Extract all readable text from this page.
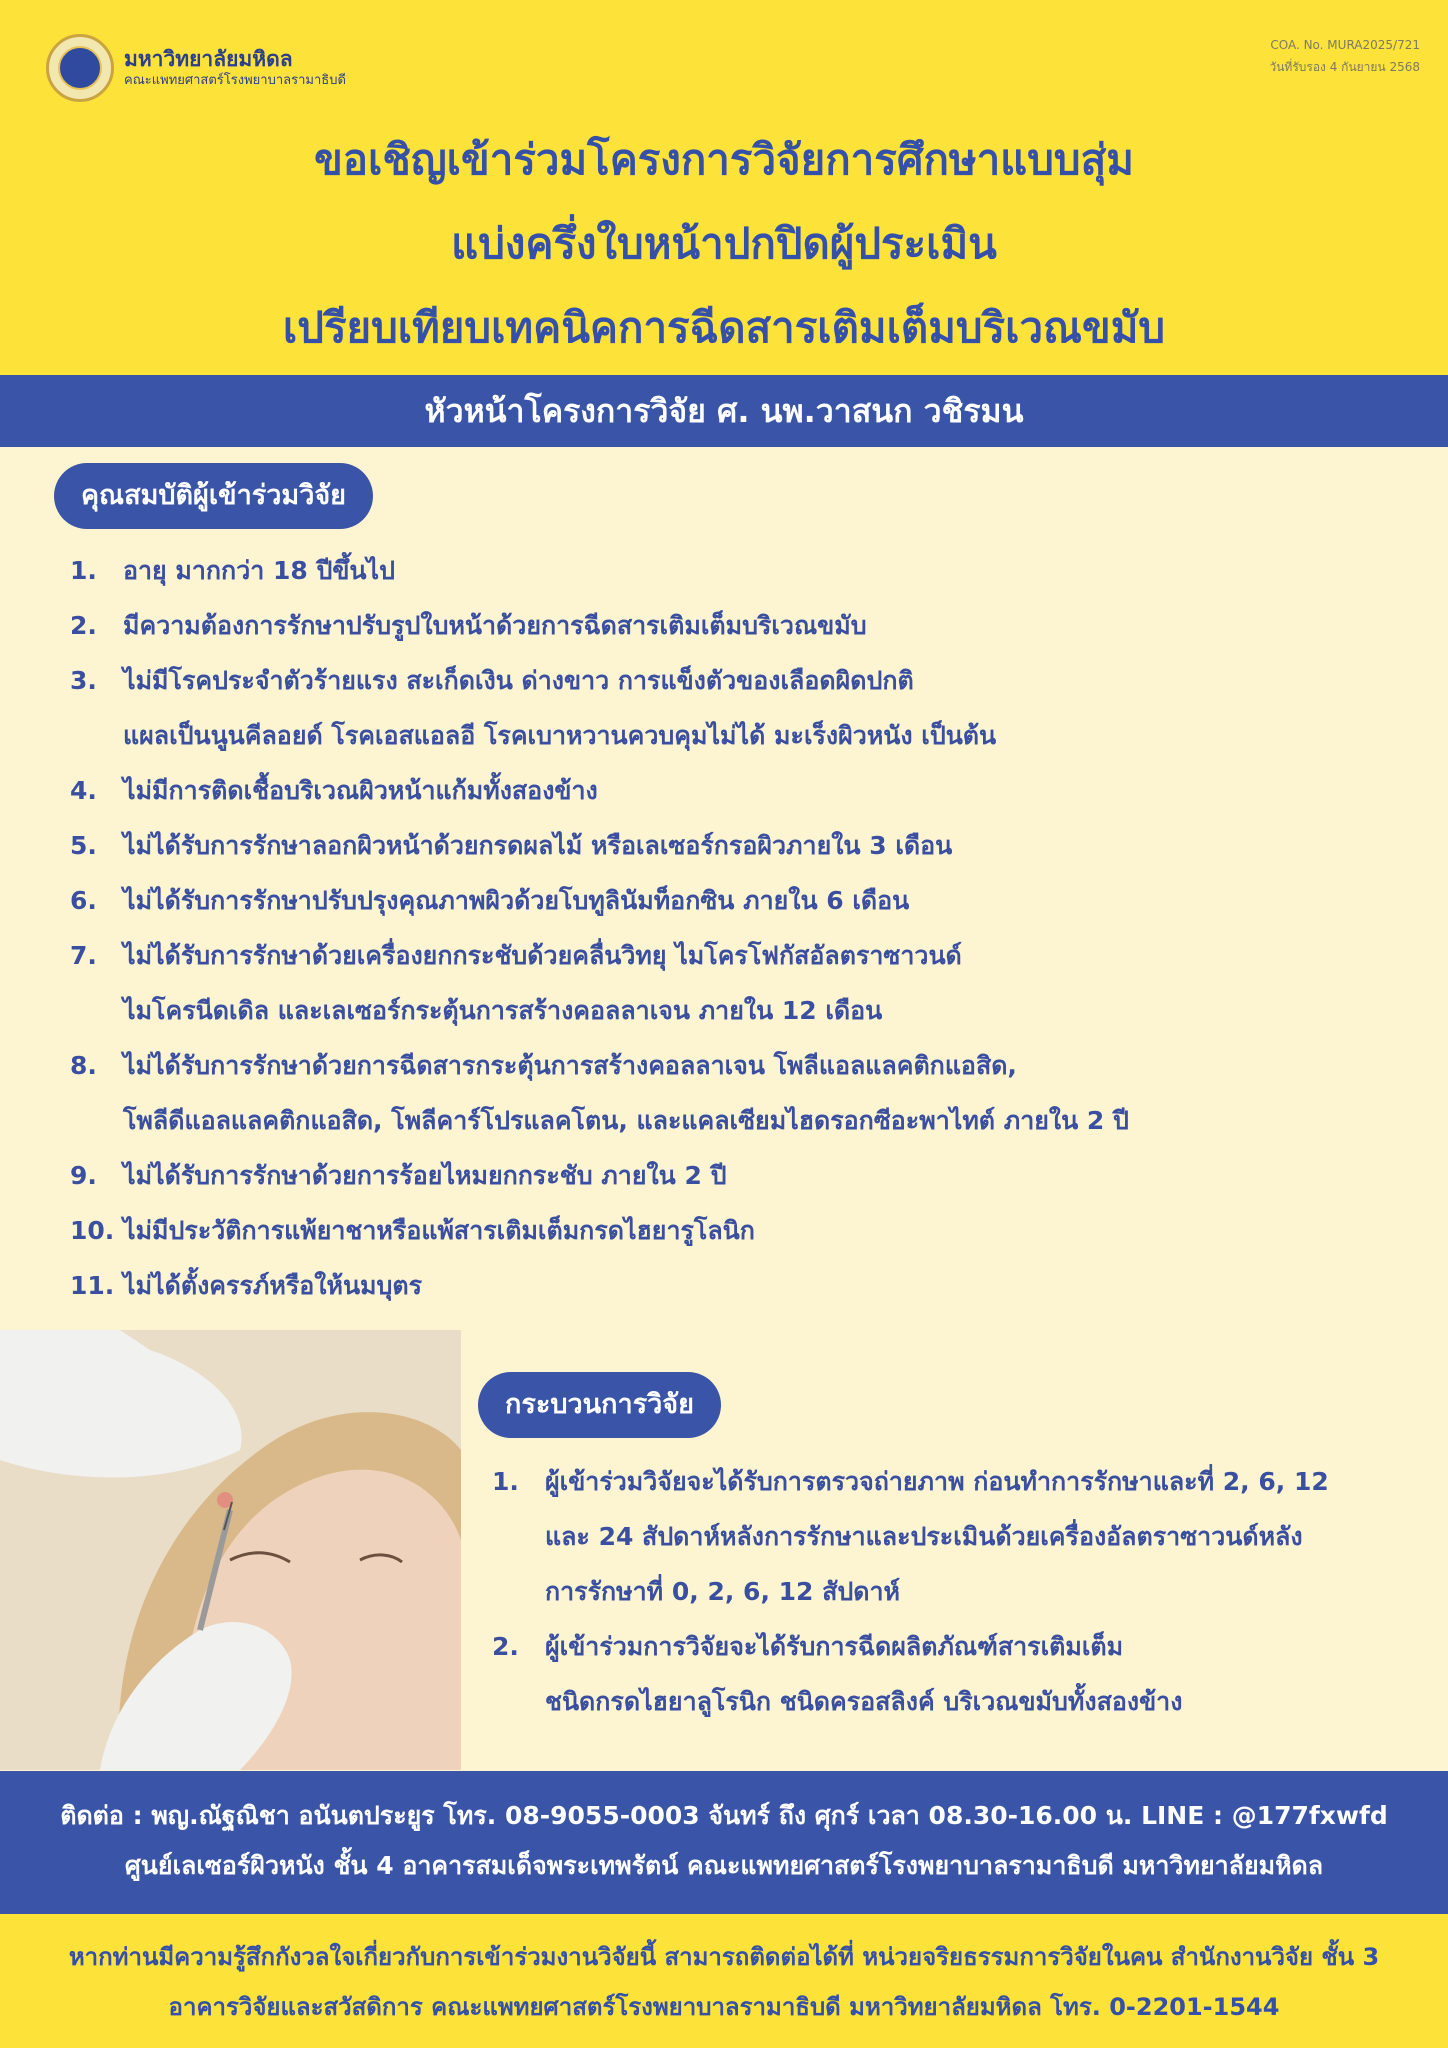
มหาวิทยาลัยมหิดล
คณะแพทยศาสตร์โรงพยาบาลรามาธิบดี
COA. No. MURA2025/721
วันที่รับรอง 4 กันยายน 2568
ขอเชิญเข้าร่วมโครงการวิจัยการศึกษาแบบสุ่ม
แบ่งครึ่งใบหน้าปกปิดผู้ประเมิน
เปรียบเทียบเทคนิคการฉีดสารเติมเต็มบริเวณขมับ
หัวหน้าโครงการวิจัย ศ. นพ.วาสนก วชิรมน
คุณสมบัติผู้เข้าร่วมวิจัย
1.	อายุ มากกว่า 18 ปีขึ้นไป
2.	มีความต้องการรักษาปรับรูปใบหน้าด้วยการฉีดสารเติมเต็มบริเวณขมับ
3.	ไม่มีโรคประจำตัวร้ายแรง สะเก็ดเงิน ด่างขาว การแข็งตัวของเลือดผิดปกติ
แผลเป็นนูนคีลอยด์ โรคเอสแอลอี โรคเบาหวานควบคุมไม่ได้ มะเร็งผิวหนัง เป็นต้น
4.	ไม่มีการติดเชื้อบริเวณผิวหน้าแก้มทั้งสองข้าง
5.	ไม่ได้รับการรักษาลอกผิวหน้าด้วยกรดผลไม้ หรือเลเซอร์กรอผิวภายใน 3 เดือน
6.	ไม่ได้รับการรักษาปรับปรุงคุณภาพผิวด้วยโบทูลินัมท็อกซิน ภายใน 6 เดือน
7.	ไม่ได้รับการรักษาด้วยเครื่องยกกระชับด้วยคลื่นวิทยุ ไมโครโฟกัสอัลตราซาวนด์
ไมโครนีดเดิล และเลเซอร์กระตุ้นการสร้างคอลลาเจน ภายใน 12 เดือน
8.	ไม่ได้รับการรักษาด้วยการฉีดสารกระตุ้นการสร้างคอลลาเจน โพลีแอลแลคติกแอสิด,
โพลีดีแอลแลคติกแอสิด, โพลีคาร์โปรแลคโตน, และแคลเซียมไฮดรอกซีอะพาไทต์ ภายใน 2 ปี
9.	ไม่ได้รับการรักษาด้วยการร้อยไหมยกกระชับ ภายใน 2 ปี
10. ไม่มีประวัติการแพ้ยาชาหรือแพ้สารเติมเต็มกรดไฮยารูโลนิก
11. ไม่ได้ตั้งครรภ์หรือให้นมบุตร
กระบวนการวิจัย
1.	ผู้เข้าร่วมวิจัยจะได้รับการตรวจถ่ายภาพ ก่อนทำการรักษาและที่ 2, 6, 12
และ 24 สัปดาห์หลังการรักษาและประเมินด้วยเครื่องอัลตราซาวนด์หลัง
การรักษาที่ 0, 2, 6, 12 สัปดาห์
2.	ผู้เข้าร่วมการวิจัยจะได้รับการฉีดผลิตภัณฑ์สารเติมเต็ม
ชนิดกรดไฮยาลูโรนิก ชนิดครอสลิงค์ บริเวณขมับทั้งสองข้าง
ติดต่อ : พญ.ณัฐณิชา อนันตประยูร โทร. 08-9055-0003 จันทร์ ถึง ศุกร์ เวลา 08.30-16.00 น. LINE : @177fxwfd
ศูนย์เลเซอร์ผิวหนัง ชั้น 4 อาคารสมเด็จพระเทพรัตน์ คณะแพทยศาสตร์โรงพยาบาลรามาธิบดี มหาวิทยาลัยมหิดล
หากท่านมีความรู้สึกกังวลใจเกี่ยวกับการเข้าร่วมงานวิจัยนี้ สามารถติดต่อได้ที่ หน่วยจริยธรรมการวิจัยในคน สำนักงานวิจัย ชั้น 3
อาคารวิจัยและสวัสดิการ คณะแพทยศาสตร์โรงพยาบาลรามาธิบดี มหาวิทยาลัยมหิดล โทร. 0-2201-1544
